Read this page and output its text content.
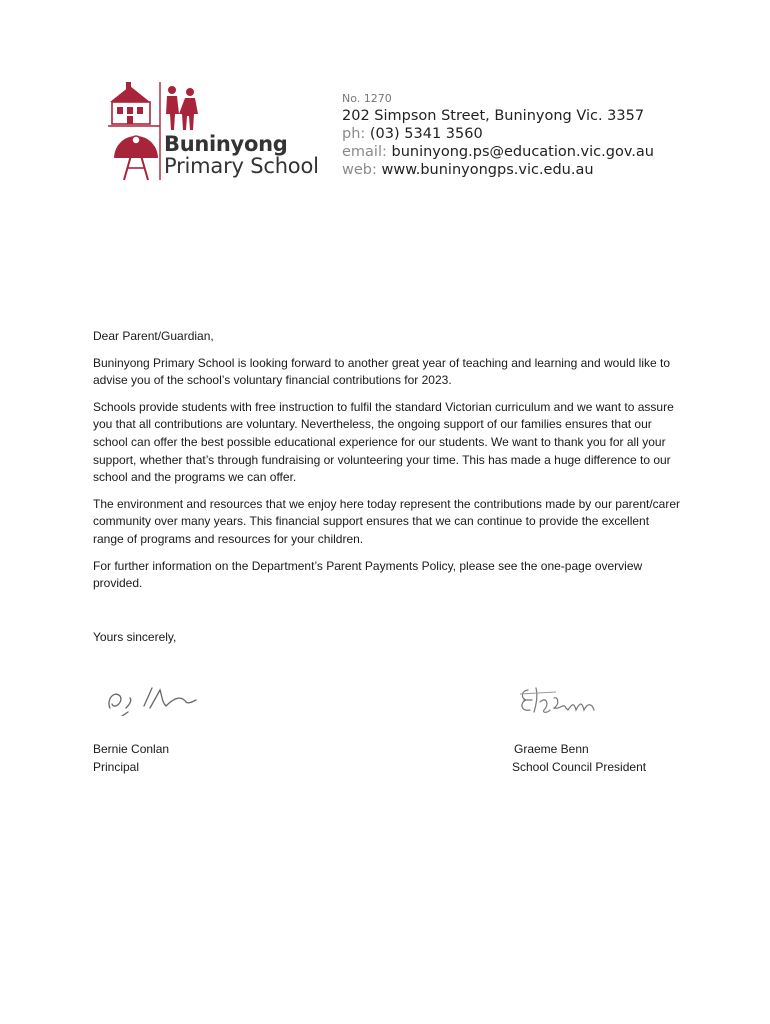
Buninyong
Primary School
No. 1270
202 Simpson Street, Buninyong Vic. 3357
ph: (03) 5341 3560
email: buninyong.ps@education.vic.gov.au
web: www.buninyongps.vic.edu.au
Dear Parent/Guardian,

Buninyong Primary School is looking forward to another great year of teaching and learning and would like to advise you of the school’s voluntary financial contributions for 2023.

Schools provide students with free instruction to fulfil the standard Victorian curriculum and we want to assure you that all contributions are voluntary. Nevertheless, the ongoing support of our families ensures that our school can offer the best possible educational experience for our students. We want to thank you for all your support, whether that’s through fundraising or volunteering your time. This has made a huge difference to our school and the programs we can offer.

The environment and resources that we enjoy here today represent the contributions made by our parent/carer community over many years. This financial support ensures that we can continue to provide the excellent range of programs and resources for your children.

For further information on the Department’s Parent Payments Policy, please see the one-page overview provided.

Yours sincerely,
Bernie Conlan
Principal
Graeme Benn
School Council President
